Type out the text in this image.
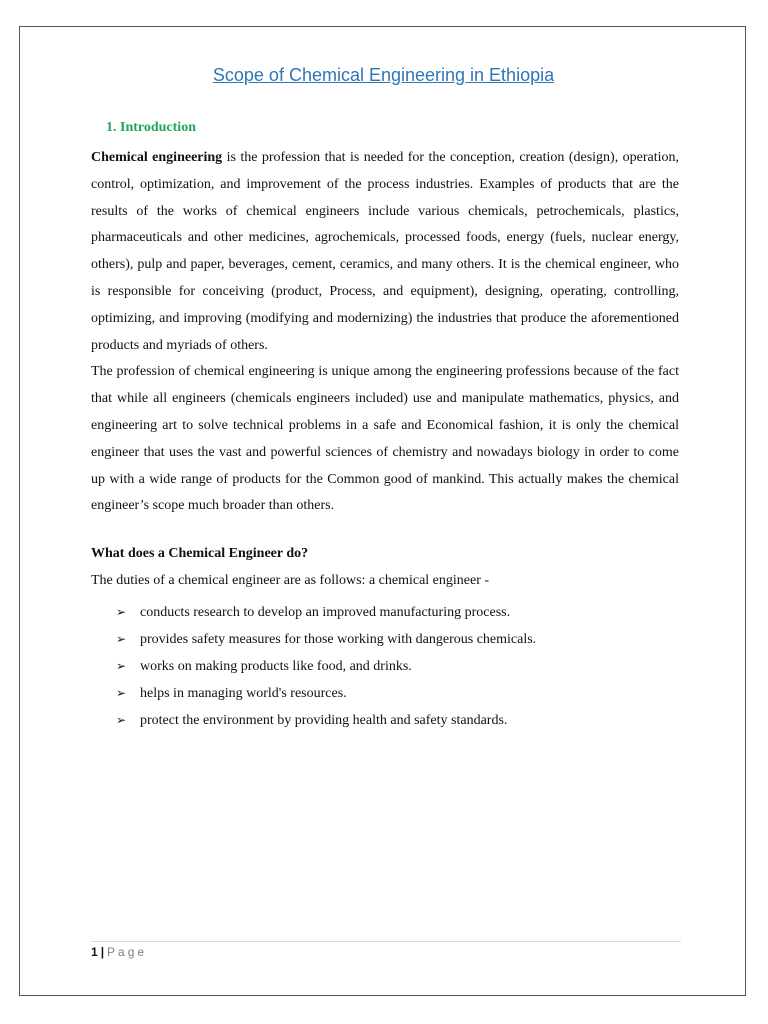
Scope of Chemical Engineering in Ethiopia
1. Introduction

Chemical engineering is the profession that is needed for the conception, creation (design), operation, control, optimization, and improvement of the process industries. Examples of products that are the results of the works of chemical engineers include various chemicals, petrochemicals, plastics, pharmaceuticals and other medicines, agrochemicals, processed foods, energy (fuels, nuclear energy, others), pulp and paper, beverages, cement, ceramics, and many others. It is the chemical engineer, who is responsible for conceiving (product, Process, and equipment), designing, operating, controlling, optimizing, and improving (modifying and modernizing) the industries that produce the aforementioned products and myriads of others.

The profession of chemical engineering is unique among the engineering professions because of the fact that while all engineers (chemicals engineers included) use and manipulate mathematics, physics, and engineering art to solve technical problems in a safe and Economical fashion, it is only the chemical engineer that uses the vast and powerful sciences of chemistry and nowadays biology in order to come up with a wide range of products for the Common good of mankind. This actually makes the chemical engineer’s scope much broader than others.

What does a Chemical Engineer do?
The duties of a chemical engineer are as follows: a chemical engineer -
➢ conducts research to develop an improved manufacturing process.
➢ provides safety measures for those working with dangerous chemicals.
➢ works on making products like food, and drinks.
➢ helps in managing world's resources.
➢ protect the environment by providing health and safety standards.
1 | Page
